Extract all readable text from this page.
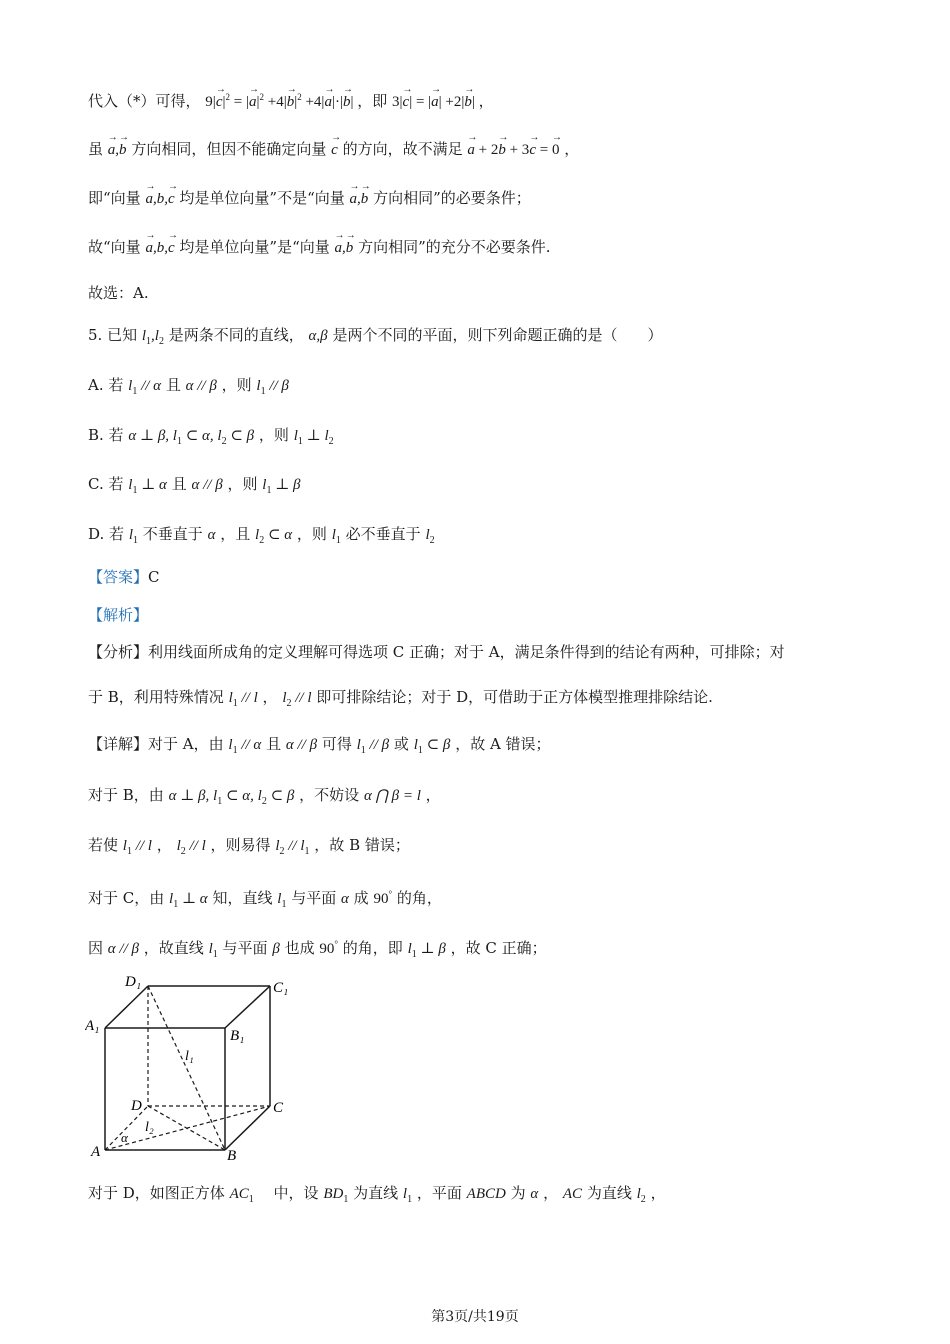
代入（*）可得， $9|\to c|^2$ = |→ $a|^2 +4|\to b|^2 +4|\to a|\cdot|\to b|$ ，即 3|→ c| = |→ a| +2|→ b| ，
虽 → a,→ b 方向相同，但因不能确定向量 → c 的方向，故不满足 → a + 2→ b + 3→ c = → 0 ，
即“向量 → a,b,→ c 均是单位向量”不是“向量 → a,→ b 方向相同”的必要条件；
故“向量 → a,b,→ c 均是单位向量”是“向量 → a,→ b 方向相同”的充分不必要条件.
故选：A.
5. 已知 $l_1,l_2$ 是两条不同的直线， α,β 是两个不同的平面，则下列命题正确的是（　　）
A. 若 $l_1$ // α 且 α // β ，则 $l_1$ // β
B. 若 α ⊥ β, $l_1$ ⊂ α, $l_2$ ⊂ β ，则 $l_1$ ⊥ $l_2$
C. 若 $l_1$ ⊥ α 且 α // β ，则 $l_1$ ⊥ β
D. 若 $l_1$ 不垂直于 α ，且 $l_2$ ⊂ α ，则 $l_1$ 必不垂直于 $l_2$
【答案】C
【解析】
【分析】利用线面所成角的定义理解可得选项 C 正确；对于 A，满足条件得到的结论有两种，可排除；对
于 B，利用特殊情况 $l_1$ // l ， $l_2$ // l 即可排除结论；对于 D，可借助于正方体模型推理排除结论.
【详解】对于 A，由 $l_1$ // α 且 α // β 可得 $l_1$ // β 或 $l_1$ ⊂ β ，故 A 错误；
对于 B，由 α ⊥ β, $l_1$ ⊂ α, $l_2$ ⊂ β ，不妨设 α ⋂ β = l ，
若使 $l_1$ // l ， $l_2$ // l ，则易得 $l_2 // l_1$ ，故 B 错误；
对于 C，由 $l_1$ ⊥ α 知，直线 $l_1$ 与平面 α 成 90° 的角，
因 α // β ，故直线 $l_1$ 与平面 β 也成 90° 的角，即 $l_1$ ⊥ β ，故 C 正确；
D₁	C₁
A₁
B₁
l₁
D	C
l₂
α
A	B
对于 D，如图正方体 $AC_1$ 　中，设 $BD_1$ 为直线 $l_1$ ，平面 ABCD 为 α ， AC 为直线 $l_2$ ，
第3页/共19页
